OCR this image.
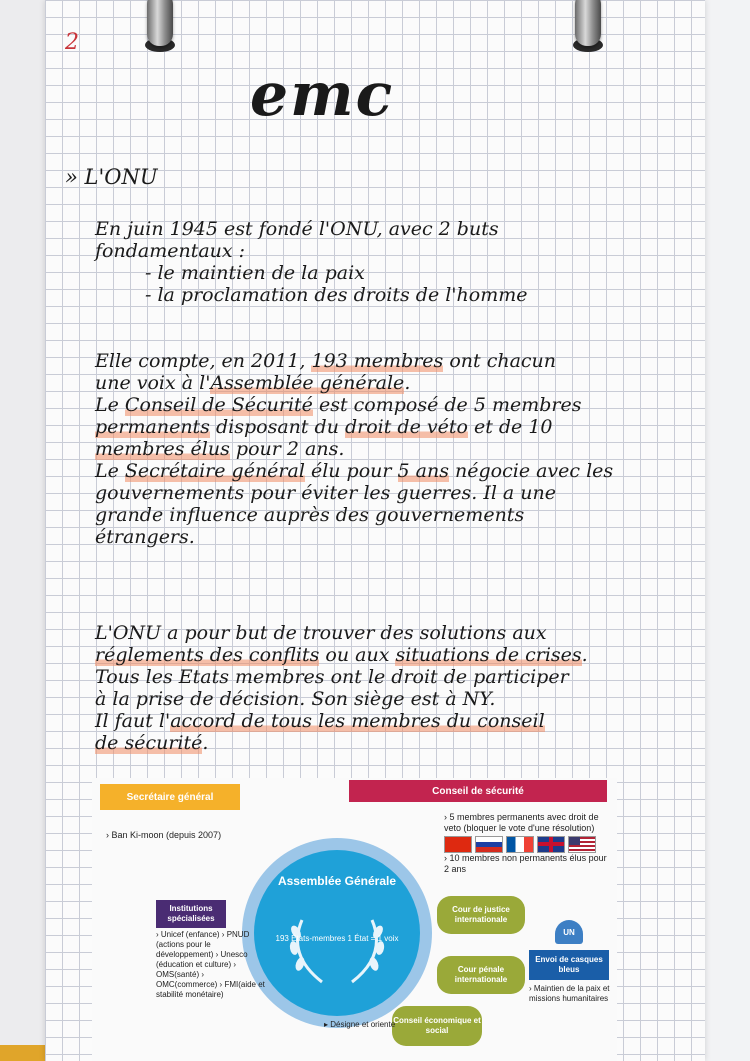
2
emc
» L'ONU
En juin 1945 est fondé l'ONU, avec 2 buts
fondamentaux :
- le maintien de la paix
- la proclamation des droits de l'homme
Elle compte, en 2011, 193 membres ont chacun
une voix à l'Assemblée générale.
Le Conseil de Sécurité est composé de 5 membres
permanents disposant du droit de véto et de 10
membres élus pour 2 ans.
Le Secrétaire général élu pour 5 ans négocie avec les
gouvernements pour éviter les guerres. Il a une
grande influence auprès des gouvernements
étrangers.
L'ONU a pour but de trouver des solutions aux
réglements des conflits ou aux situations de crises.
Tous les Etats membres ont le droit de participer
à la prise de décision. Son siège est à NY.
Il faut l'accord de tous les membres du conseil
de sécurité.
Secrétaire général
› Ban Ki-moon (depuis 2007)
Conseil de sécurité
› 5 membres permanents avec droit de veto (bloquer le vote d'une résolution)
› 10 membres non permanents élus pour 2 ans
Assemblée Générale
193 États-membres 1 État = 1 voix
Institutions spécialisées
› Unicef (enfance) › PNUD (actions pour le développement) › Unesco (éducation et culture) › OMS(santé) › OMC(commerce) › FMI(aide et stabilité monétaire)
Cour de justice internationale
Cour pénale internationale
Conseil économique et social
UN
Envoi de casques bleus
› Maintien de la paix et missions humanitaires
▸ Désigne et oriente
